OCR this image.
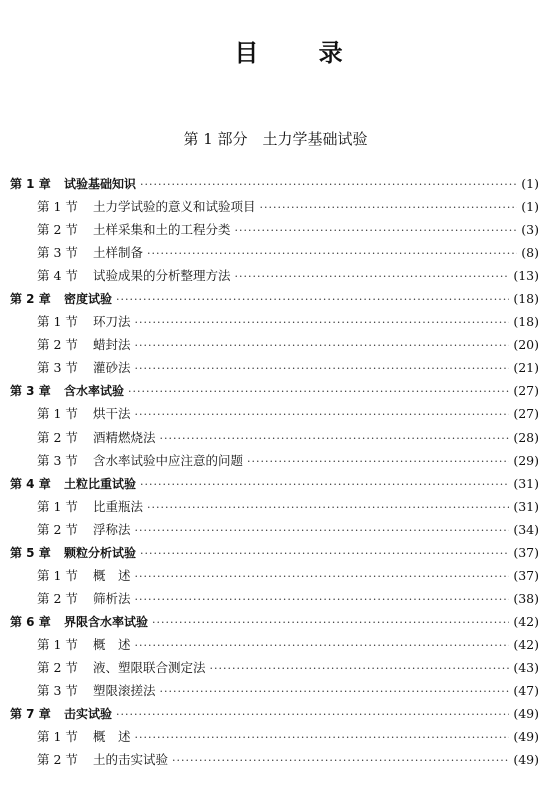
目 录
第 1 部分　土力学基础试验
第 1 章	试验基础知识 ·····	(1)
第 1 节	土力学试验的意义和试验项目 ·····	(1)
第 2 节	土样采集和土的工程分类 ·····	(3)
第 3 节	土样制备 ·····	(8)
第 4 节	试验成果的分析整理方法 ·····	(13)
第 2 章	密度试验 ·····	(18)
第 1 节	环刀法 ·····	(18)
第 2 节	蜡封法 ·····	(20)
第 3 节	灌砂法 ·····	(21)
第 3 章	含水率试验 ·····	(27)
第 1 节	烘干法 ·····	(27)
第 2 节	酒精燃烧法 ·····	(28)
第 3 节	含水率试验中应注意的问题 ·····	(29)
第 4 章	土粒比重试验 ·····	(31)
第 1 节	比重瓶法 ·····	(31)
第 2 节	浮称法 ·····	(34)
第 5 章	颗粒分析试验 ·····	(37)
第 1 节	概　述 ·····	(37)
第 2 节	筛析法 ·····	(38)
第 6 章	界限含水率试验 ·····	(42)
第 1 节	概　述 ·····	(42)
第 2 节	液、塑限联合测定法 ·····	(43)
第 3 节	塑限滚搓法 ·····	(47)
第 7 章	击实试验 ·····	(49)
第 1 节	概　述 ·····	(49)
第 2 节	土的击实试验 ·····	(49)
